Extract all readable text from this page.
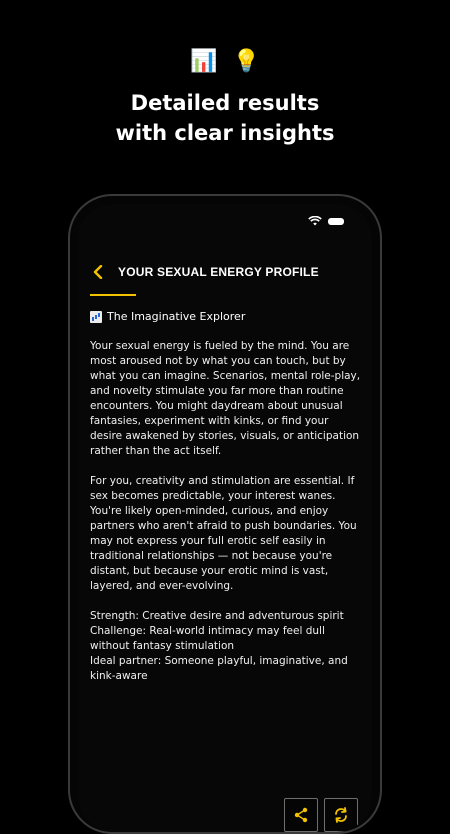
📊 💡
Detailed results
with clear insights
YOUR SEXUAL ENERGY PROFILE
The Imaginative Explorer

Your sexual energy is fueled by the mind. You are most aroused not by what you can touch, but by what you can imagine. Scenarios, mental role-play, and novelty stimulate you far more than routine encounters. You might daydream about unusual fantasies, experiment with kinks, or find your desire awakened by stories, visuals, or anticipation rather than the act itself.

For you, creativity and stimulation are essential. If sex becomes predictable, your interest wanes. You're likely open-minded, curious, and enjoy partners who aren't afraid to push boundaries. You may not express your full erotic self easily in traditional relationships — not because you're distant, but because your erotic mind is vast, layered, and ever-evolving.

Strength: Creative desire and adventurous spirit
Challenge: Real-world intimacy may feel dull without fantasy stimulation
Ideal partner: Someone playful, imaginative, and kink-aware
